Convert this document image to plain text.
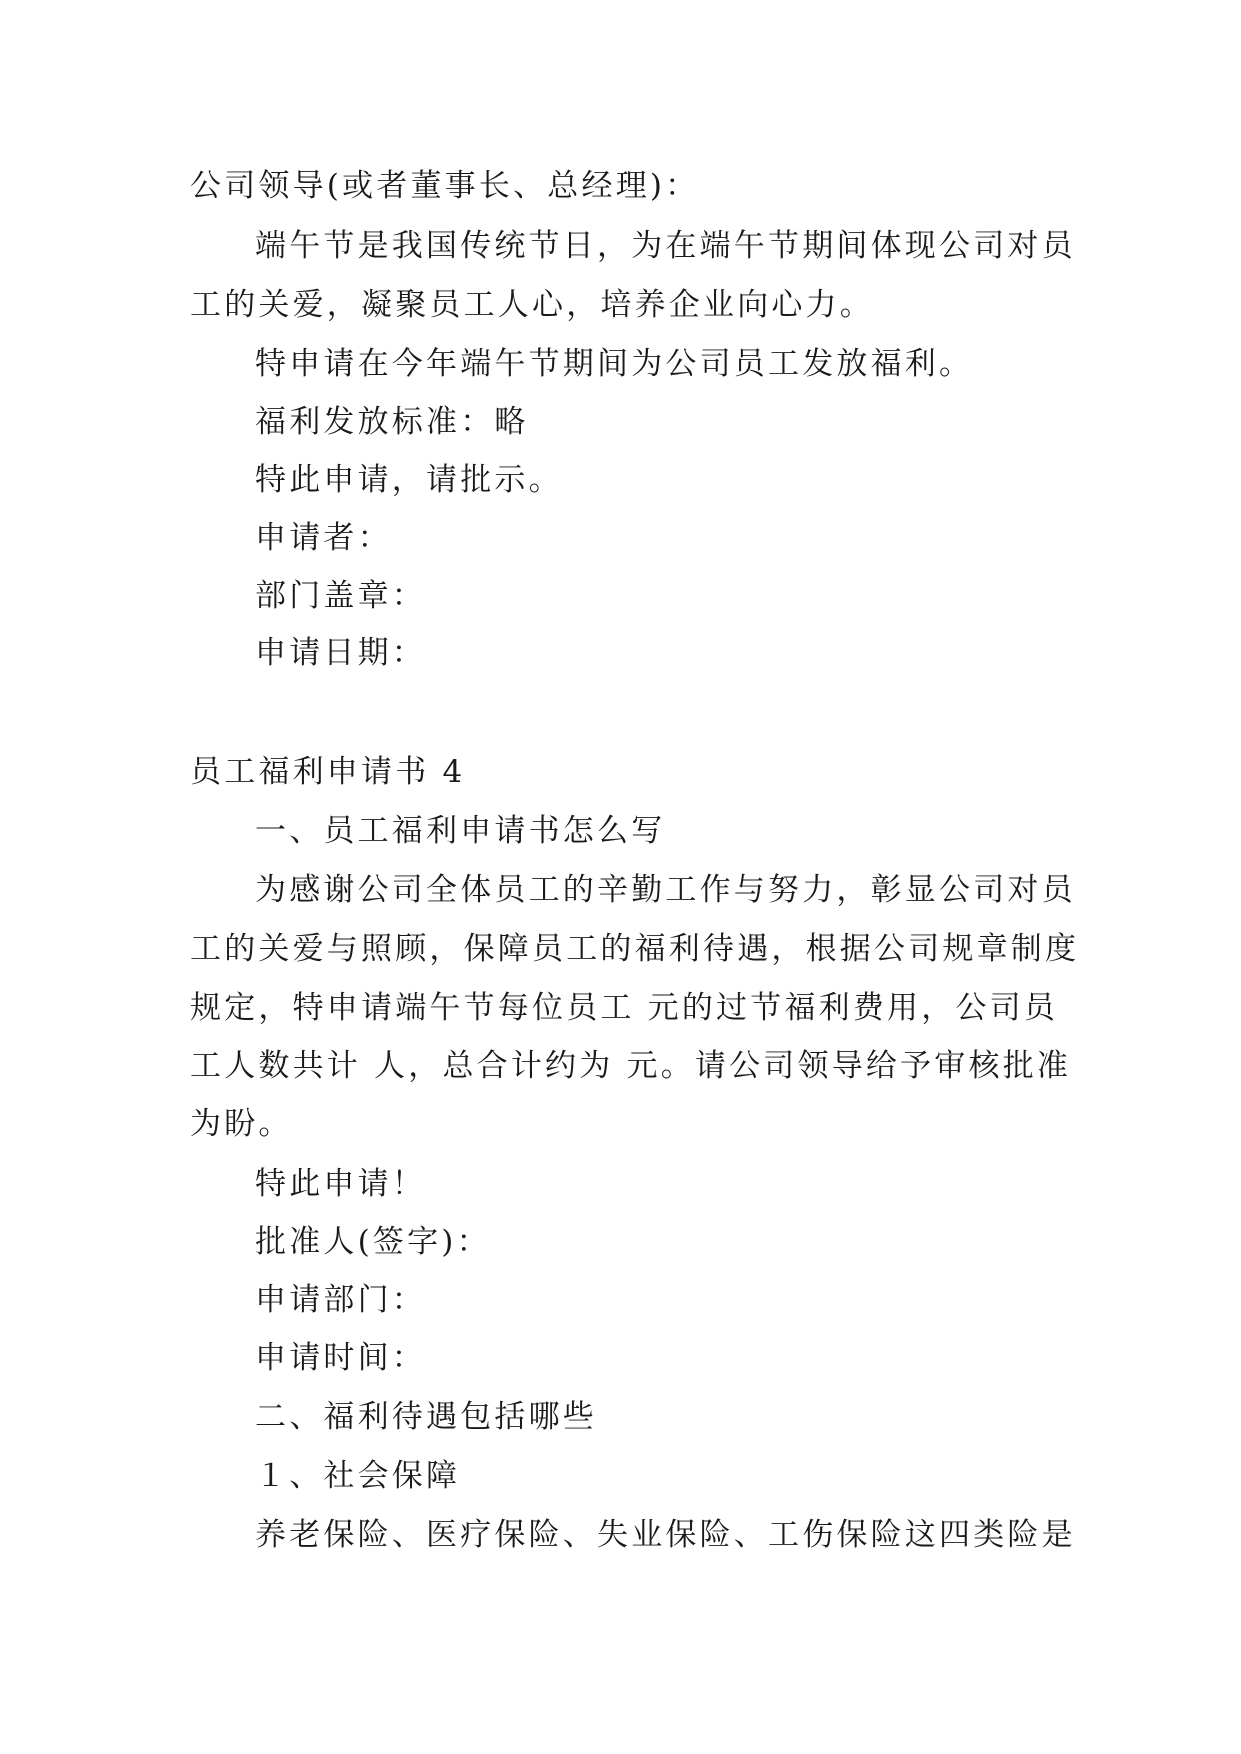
公司领导(或者董事长、总经理)：
端午节是我国传统节日，为在端午节期间体现公司对员
工的关爱，凝聚员工人心，培养企业向心力。
特申请在今年端午节期间为公司员工发放福利。
福利发放标准：略
特此申请，请批示。
申请者：
部门盖章：
申请日期：
员工福利申请书 4
一、员工福利申请书怎么写
为感谢公司全体员工的辛勤工作与努力，彰显公司对员
工的关爱与照顾，保障员工的福利待遇，根据公司规章制度
规定，特申请端午节每位员工 元的过节福利费用，公司员
工人数共计 人，总合计约为 元。请公司领导给予审核批准
为盼。
特此申请！
批准人(签字)：
申请部门：
申请时间：
二、福利待遇包括哪些
１、社会保障
养老保险、医疗保险、失业保险、工伤保险这四类险是
